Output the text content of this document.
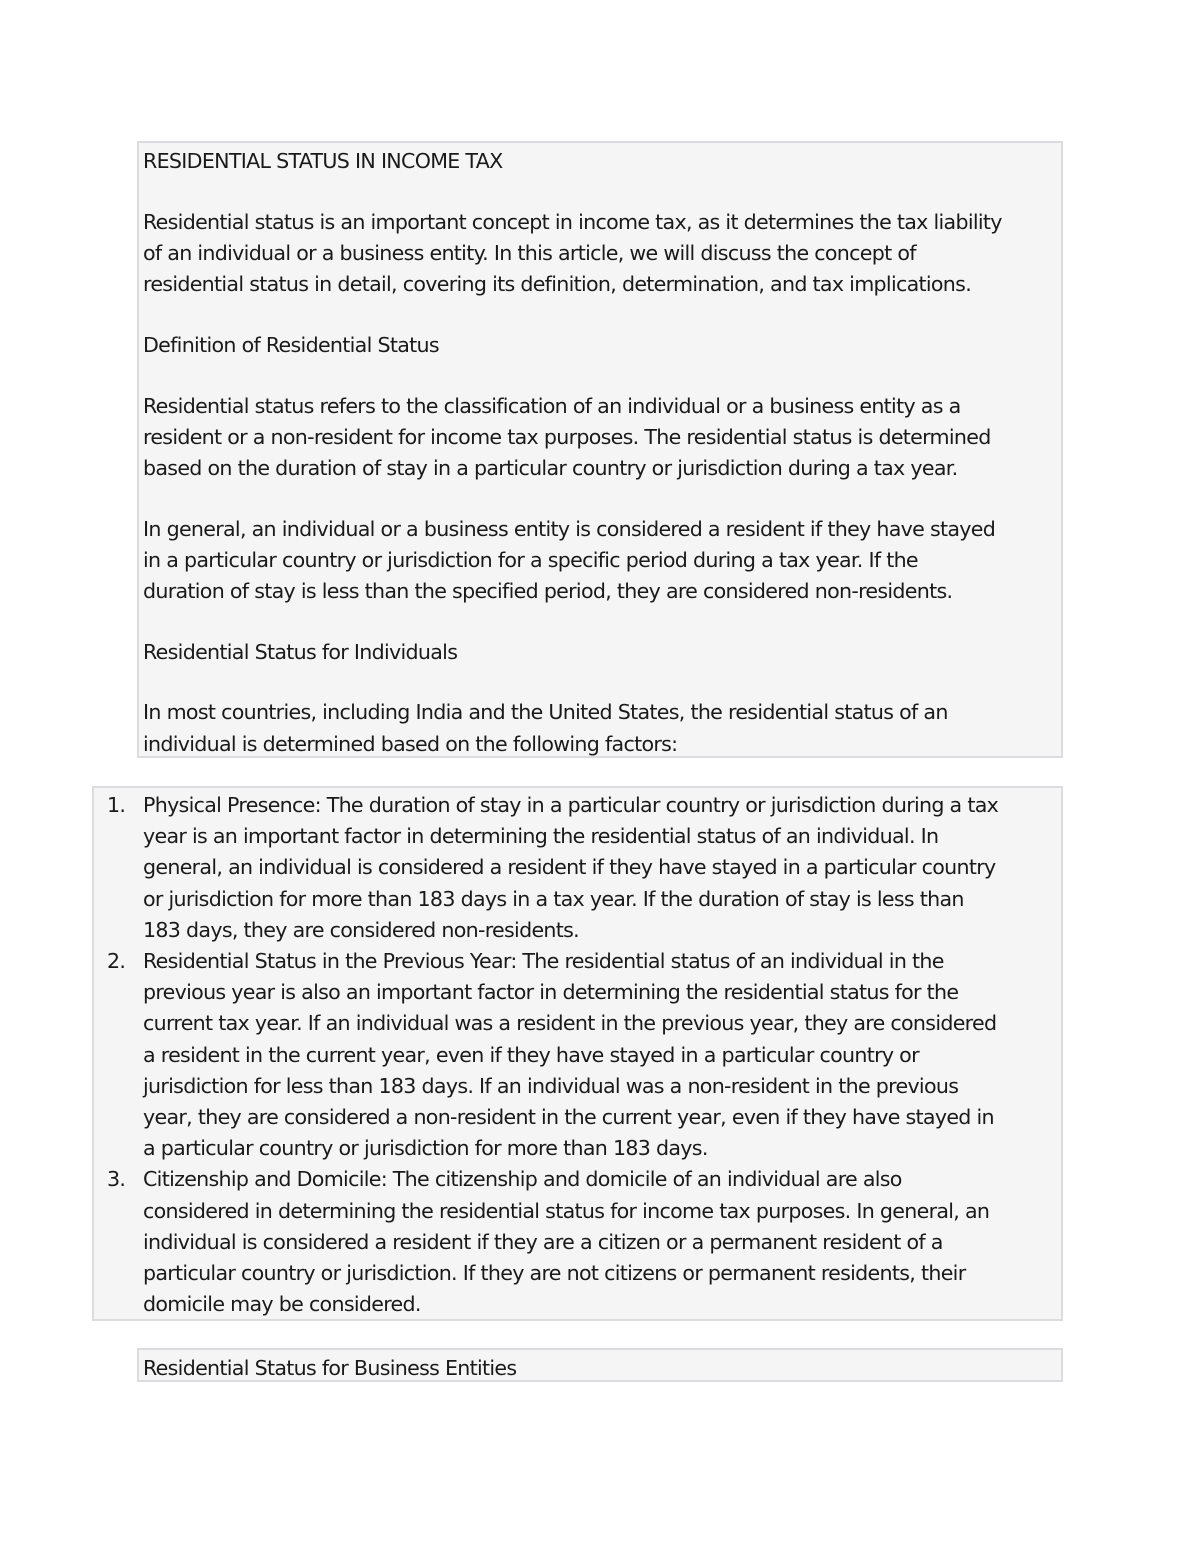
RESIDENTIAL STATUS IN INCOME TAX

Residential status is an important concept in income tax, as it determines the tax liability
of an individual or a business entity. In this article, we will discuss the concept of
residential status in detail, covering its definition, determination, and tax implications.

Definition of Residential Status

Residential status refers to the classification of an individual or a business entity as a
resident or a non-resident for income tax purposes. The residential status is determined
based on the duration of stay in a particular country or jurisdiction during a tax year.

In general, an individual or a business entity is considered a resident if they have stayed
in a particular country or jurisdiction for a specific period during a tax year. If the
duration of stay is less than the specified period, they are considered non-residents.

Residential Status for Individuals

In most countries, including India and the United States, the residential status of an
individual is determined based on the following factors:

1. Physical Presence: The duration of stay in a particular country or jurisdiction during a tax
year is an important factor in determining the residential status of an individual. In
general, an individual is considered a resident if they have stayed in a particular country
or jurisdiction for more than 183 days in a tax year. If the duration of stay is less than
183 days, they are considered non-residents.
2. Residential Status in the Previous Year: The residential status of an individual in the
previous year is also an important factor in determining the residential status for the
current tax year. If an individual was a resident in the previous year, they are considered
a resident in the current year, even if they have stayed in a particular country or
jurisdiction for less than 183 days. If an individual was a non-resident in the previous
year, they are considered a non-resident in the current year, even if they have stayed in
a particular country or jurisdiction for more than 183 days.
3. Citizenship and Domicile: The citizenship and domicile of an individual are also
considered in determining the residential status for income tax purposes. In general, an
individual is considered a resident if they are a citizen or a permanent resident of a
particular country or jurisdiction. If they are not citizens or permanent residents, their
domicile may be considered.

Residential Status for Business Entities
